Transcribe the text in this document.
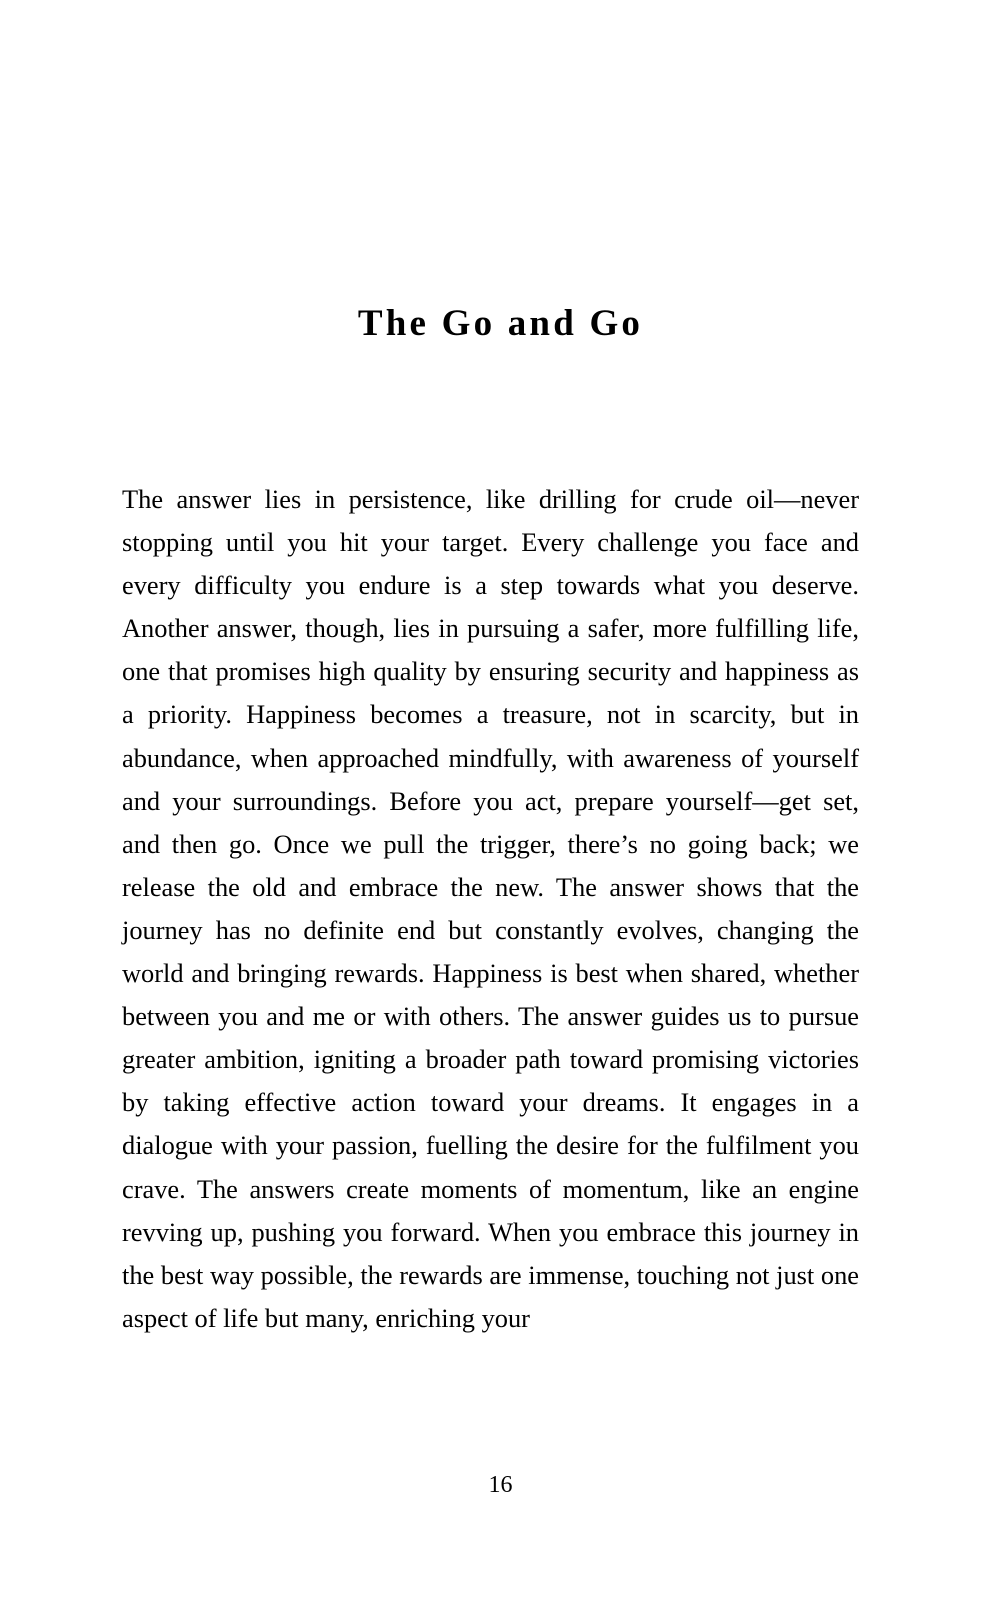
The Go and Go

The answer lies in persistence, like drilling for crude oil—never stopping until you hit your target. Every challenge you face and every difficulty you endure is a step towards what you deserve. Another answer, though, lies in pursuing a safer, more fulfilling life, one that promises high quality by ensuring security and happiness as a priority. Happiness becomes a treasure, not in scarcity, but in abundance, when approached mindfully, with awareness of yourself and your surroundings. Before you act, prepare yourself—get set, and then go. Once we pull the trigger, there’s no going back; we release the old and embrace the new. The answer shows that the journey has no definite end but constantly evolves, changing the world and bringing rewards. Happiness is best when shared, whether between you and me or with others. The answer guides us to pursue greater ambition, igniting a broader path toward promising victories by taking effective action toward your dreams. It engages in a dialogue with your passion, fuelling the desire for the fulfilment you crave. The answers create moments of momentum, like an engine revving up, pushing you forward. When you embrace this journey in the best way possible, the rewards are immense, touching not just one aspect of life but many, enriching your

16
